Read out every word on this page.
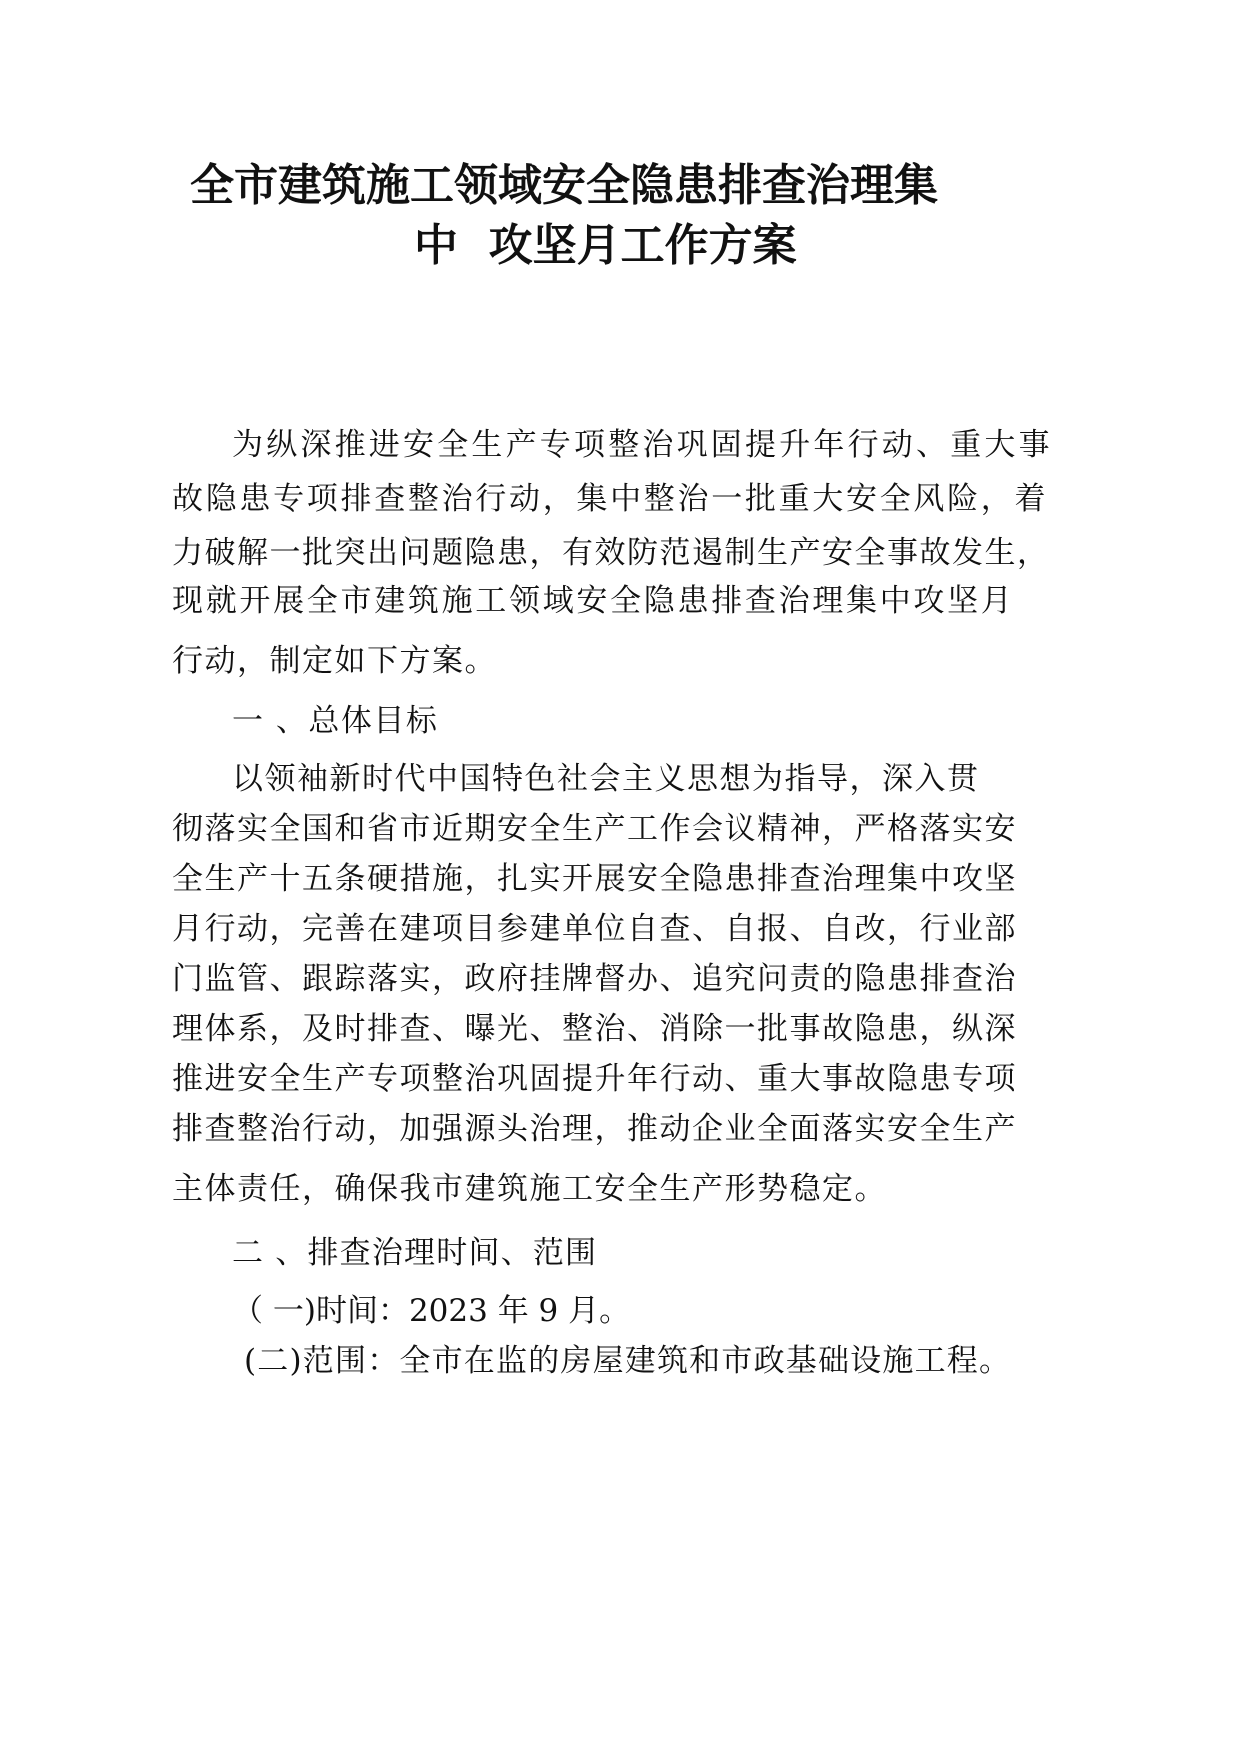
全市建筑施工领域安全隐患排查治理集
中  攻坚月工作方案
为纵深推进安全生产专项整治巩固提升年行动、重大事
故隐患专项排查整治行动，集中整治一批重大安全风险，着
力破解一批突出问题隐患，有效防范遏制生产安全事故发生，
现就开展全市建筑施工领域安全隐患排查治理集中攻坚月
行动，制定如下方案。
一 、总体目标
以领袖新时代中国特色社会主义思想为指导，深入贯
彻落实全国和省市近期安全生产工作会议精神，严格落实安
全生产十五条硬措施，扎实开展安全隐患排查治理集中攻坚
月行动，完善在建项目参建单位自查、自报、自改，行业部
门监管、跟踪落实，政府挂牌督办、追究问责的隐患排查治
理体系，及时排查、曝光、整治、消除一批事故隐患，纵深
推进安全生产专项整治巩固提升年行动、重大事故隐患专项
排查整治行动，加强源头治理，推动企业全面落实安全生产
主体责任，确保我市建筑施工安全生产形势稳定。
二 、排查治理时间、范围
（ 一)时间：2023 年 9 月。
(二)范围：全市在监的房屋建筑和市政基础设施工程。
